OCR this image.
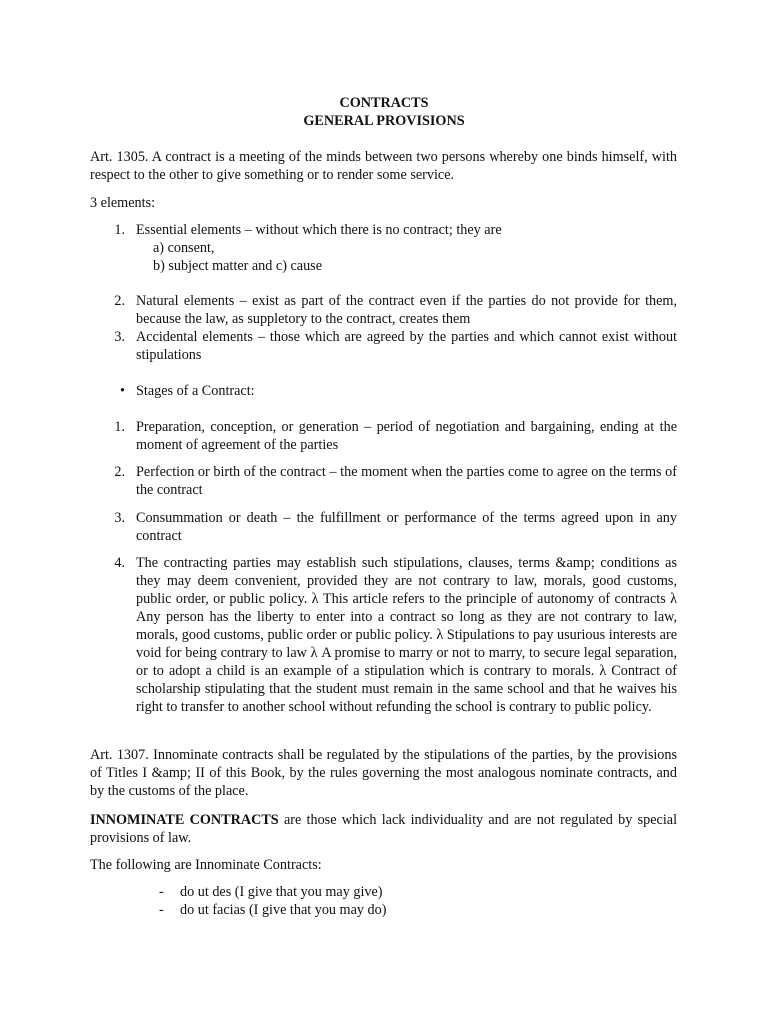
CONTRACTS
GENERAL PROVISIONS
Art. 1305. A contract is a meeting of the minds between two persons whereby one binds himself, with respect to the other to give something or to render some service.
3 elements:
1. Essential elements – without which there is no contract; they are
a) consent,
b) subject matter and c) cause
2. Natural elements – exist as part of the contract even if the parties do not provide for them, because the law, as suppletory to the contract, creates them
3. Accidental elements – those which are agreed by the parties and which cannot exist without stipulations
• Stages of a Contract:
1. Preparation, conception, or generation – period of negotiation and bargaining, ending at the moment of agreement of the parties
2. Perfection or birth of the contract – the moment when the parties come to agree on the terms of the contract
3. Consummation or death – the fulfillment or performance of the terms agreed upon in any contract
4. The contracting parties may establish such stipulations, clauses, terms &amp; conditions as they may deem convenient, provided they are not contrary to law, morals, good customs, public order, or public policy. λ This article refers to the principle of autonomy of contracts λ Any person has the liberty to enter into a contract so long as they are not contrary to law, morals, good customs, public order or public policy. λ Stipulations to pay usurious interests are void for being contrary to law λ A promise to marry or not to marry, to secure legal separation, or to adopt a child is an example of a stipulation which is contrary to morals. λ Contract of scholarship stipulating that the student must remain in the same school and that he waives his right to transfer to another school without refunding the school is contrary to public policy.
Art. 1307. Innominate contracts shall be regulated by the stipulations of the parties, by the provisions of Titles I &amp; II of this Book, by the rules governing the most analogous nominate contracts, and by the customs of the place.
INNOMINATE CONTRACTS are those which lack individuality and are not regulated by special provisions of law.
The following are Innominate Contracts:
- do ut des (I give that you may give)
- do ut facias (I give that you may do)
